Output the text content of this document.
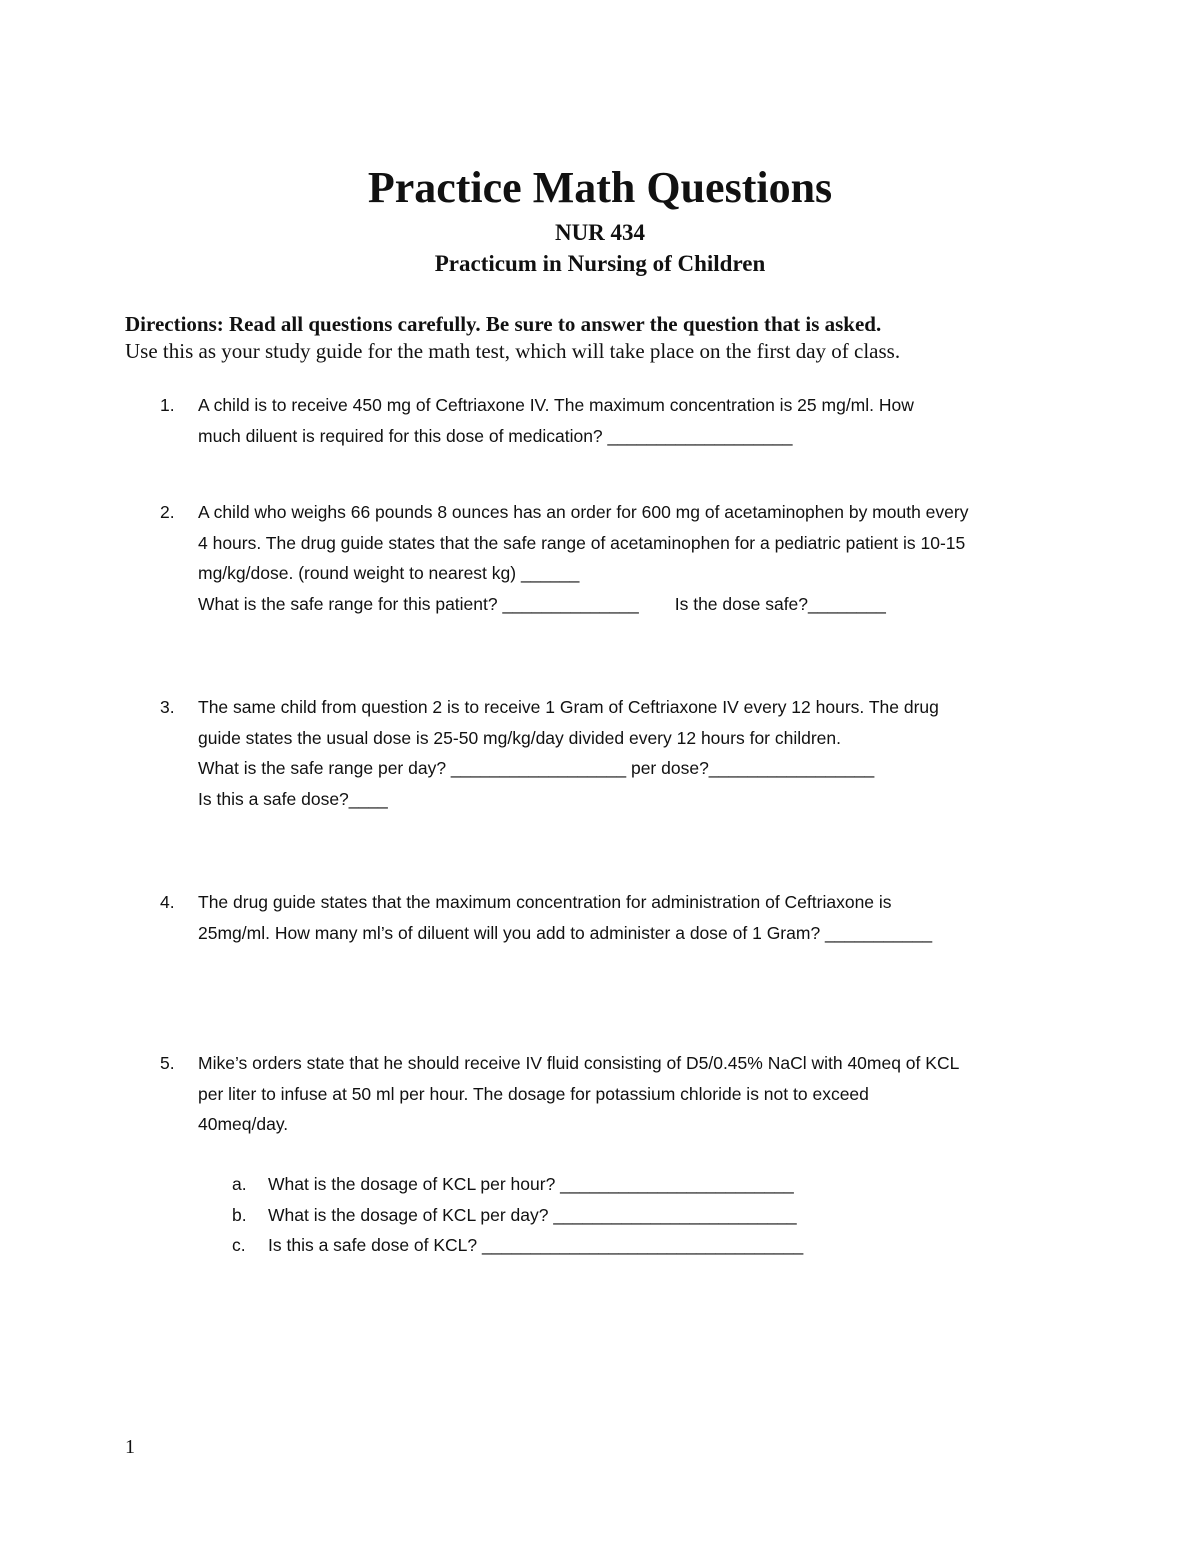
Practice Math Questions
NUR 434
Practicum in Nursing of Children
Directions: Read all questions carefully. Be sure to answer the question that is asked.
Use this as your study guide for the math test, which will take place on the first day of class.
1.	A child is to receive 450 mg of Ceftriaxone IV. The maximum concentration is 25 mg/ml. How
much diluent is required for this dose of medication? ___________________
2.	A child who weighs 66 pounds 8 ounces has an order for 600 mg of acetaminophen by mouth every
4 hours. The drug guide states that the safe range of acetaminophen for a pediatric patient is 10-15
mg/kg/dose. (round weight to nearest kg) ______
What is the safe range for this patient? ______________ Is the dose safe?________
3.	The same child from question 2 is to receive 1 Gram of Ceftriaxone IV every 12 hours. The drug
guide states the usual dose is 25-50 mg/kg/day divided every 12 hours for children.
What is the safe range per day? __________________ per dose?_________________
Is this a safe dose?____
4.	The drug guide states that the maximum concentration for administration of Ceftriaxone is
25mg/ml. How many ml’s of diluent will you add to administer a dose of 1 Gram? ___________
5.	Mike’s orders state that he should receive IV fluid consisting of D5/0.45% NaCl with 40meq of KCL
per liter to infuse at 50 ml per hour. The dosage for potassium chloride is not to exceed
40meq/day.
a. What is the dosage of KCL per hour? ________________________
b. What is the dosage of KCL per day? _________________________
c. Is this a safe dose of KCL? _________________________________
1
